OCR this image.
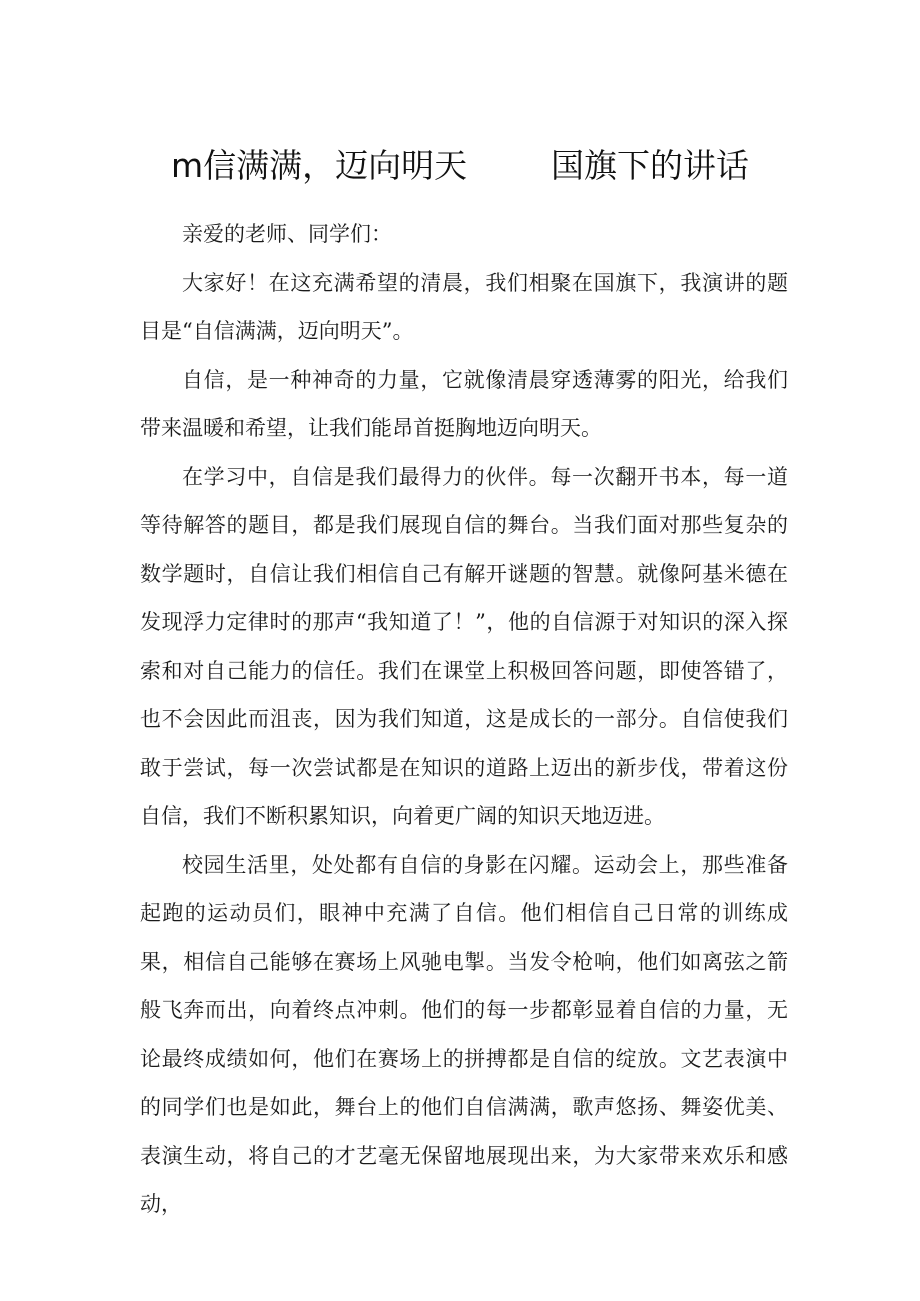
m信满满，迈向明天        国旗下的讲话

亲爱的老师、同学们：

大家好！在这充满希望的清晨，我们相聚在国旗下，我演讲的题目是“自信满满，迈向明天”。

自信，是一种神奇的力量，它就像清晨穿透薄雾的阳光，给我们带来温暖和希望，让我们能昂首挺胸地迈向明天。

在学习中，自信是我们最得力的伙伴。每一次翻开书本，每一道等待解答的题目，都是我们展现自信的舞台。当我们面对那些复杂的数学题时，自信让我们相信自己有解开谜题的智慧。就像阿基米德在发现浮力定律时的那声“我知道了！”，他的自信源于对知识的深入探索和对自己能力的信任。我们在课堂上积极回答问题，即使答错了，也不会因此而沮丧，因为我们知道，这是成长的一部分。自信使我们敢于尝试，每一次尝试都是在知识的道路上迈出的新步伐，带着这份自信，我们不断积累知识，向着更广阔的知识天地迈进。

校园生活里，处处都有自信的身影在闪耀。运动会上，那些准备起跑的运动员们，眼神中充满了自信。他们相信自己日常的训练成果，相信自己能够在赛场上风驰电掣。当发令枪响，他们如离弦之箭般飞奔而出，向着终点冲刺。他们的每一步都彰显着自信的力量，无论最终成绩如何，他们在赛场上的拼搏都是自信的绽放。文艺表演中的同学们也是如此，舞台上的他们自信满满，歌声悠扬、舞姿优美、表演生动，将自己的才艺毫无保留地展现出来，为大家带来欢乐和感动，
